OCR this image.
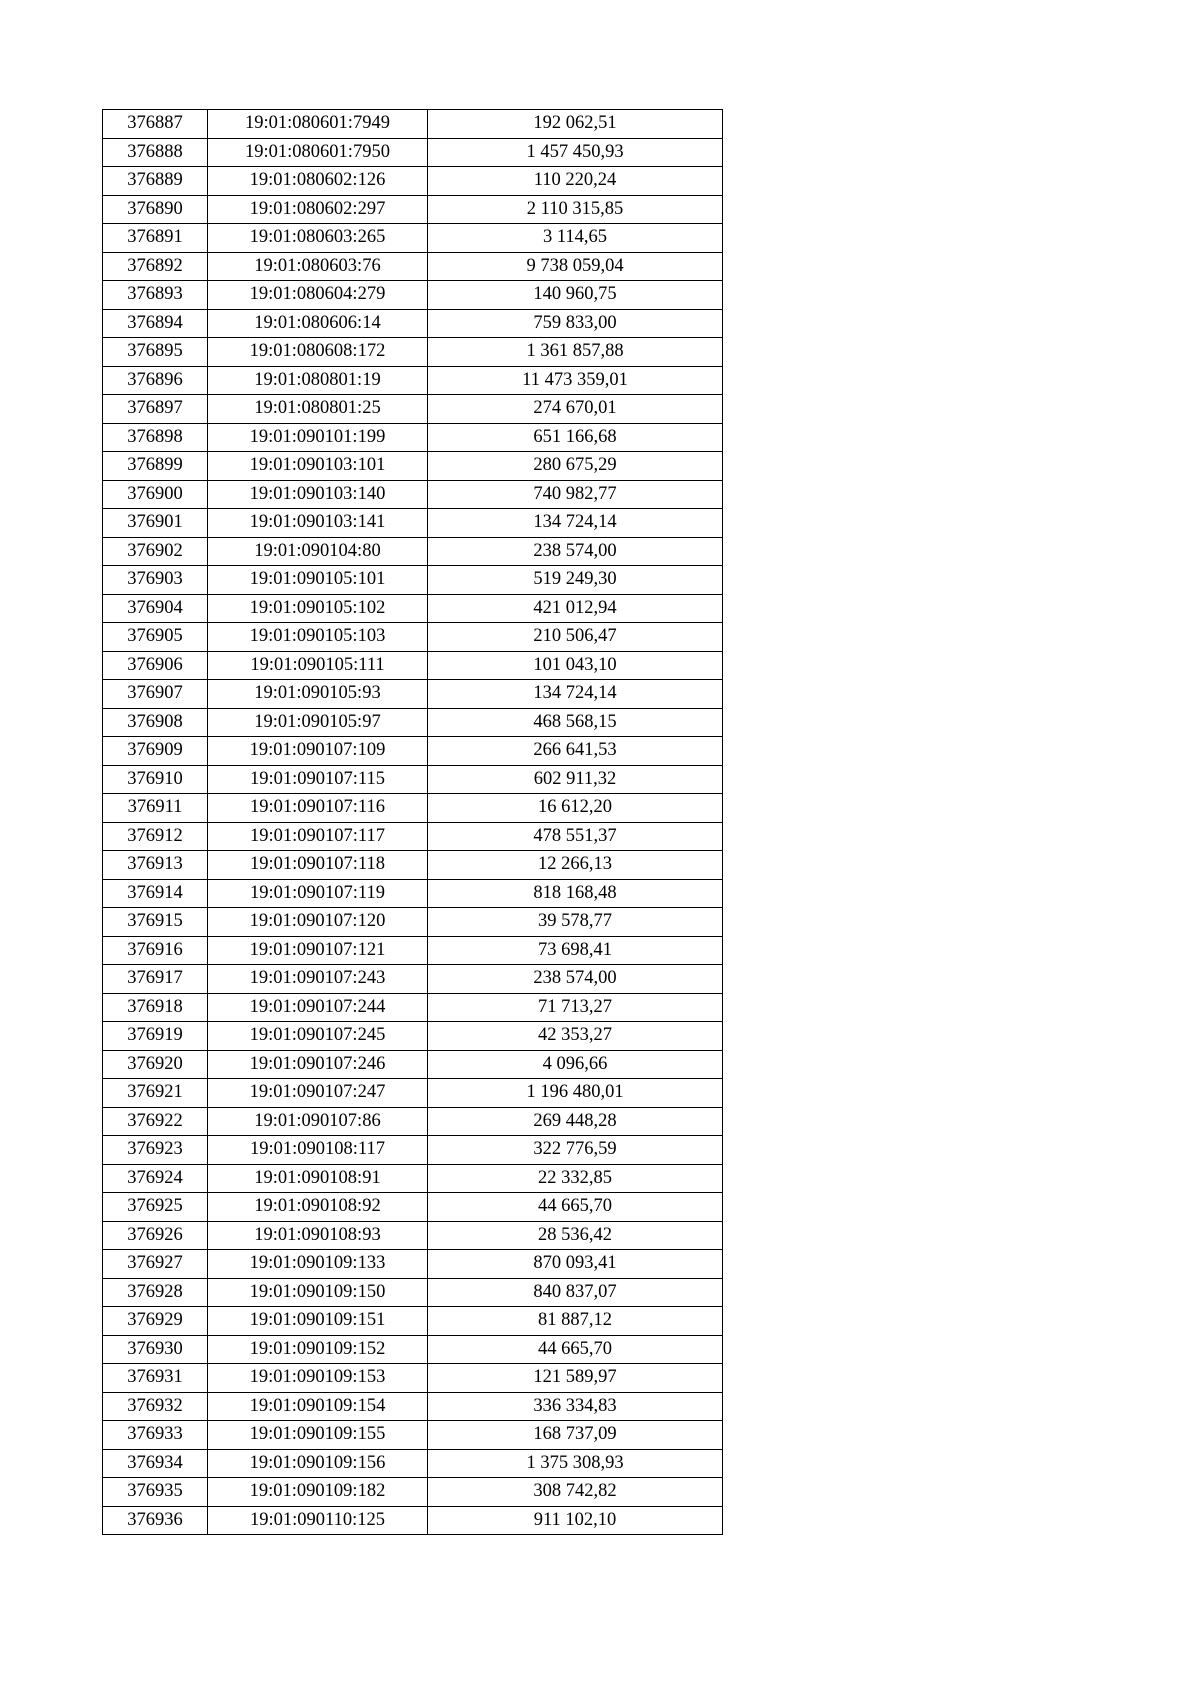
376887	19:01:080601:7949	192 062,51
376888	19:01:080601:7950	1 457 450,93
376889	19:01:080602:126	110 220,24
376890	19:01:080602:297	2 110 315,85
376891	19:01:080603:265	3 114,65
376892	19:01:080603:76	9 738 059,04
376893	19:01:080604:279	140 960,75
376894	19:01:080606:14	759 833,00
376895	19:01:080608:172	1 361 857,88
376896	19:01:080801:19	11 473 359,01
376897	19:01:080801:25	274 670,01
376898	19:01:090101:199	651 166,68
376899	19:01:090103:101	280 675,29
376900	19:01:090103:140	740 982,77
376901	19:01:090103:141	134 724,14
376902	19:01:090104:80	238 574,00
376903	19:01:090105:101	519 249,30
376904	19:01:090105:102	421 012,94
376905	19:01:090105:103	210 506,47
376906	19:01:090105:111	101 043,10
376907	19:01:090105:93	134 724,14
376908	19:01:090105:97	468 568,15
376909	19:01:090107:109	266 641,53
376910	19:01:090107:115	602 911,32
376911	19:01:090107:116	16 612,20
376912	19:01:090107:117	478 551,37
376913	19:01:090107:118	12 266,13
376914	19:01:090107:119	818 168,48
376915	19:01:090107:120	39 578,77
376916	19:01:090107:121	73 698,41
376917	19:01:090107:243	238 574,00
376918	19:01:090107:244	71 713,27
376919	19:01:090107:245	42 353,27
376920	19:01:090107:246	4 096,66
376921	19:01:090107:247	1 196 480,01
376922	19:01:090107:86	269 448,28
376923	19:01:090108:117	322 776,59
376924	19:01:090108:91	22 332,85
376925	19:01:090108:92	44 665,70
376926	19:01:090108:93	28 536,42
376927	19:01:090109:133	870 093,41
376928	19:01:090109:150	840 837,07
376929	19:01:090109:151	81 887,12
376930	19:01:090109:152	44 665,70
376931	19:01:090109:153	121 589,97
376932	19:01:090109:154	336 334,83
376933	19:01:090109:155	168 737,09
376934	19:01:090109:156	1 375 308,93
376935	19:01:090109:182	308 742,82
376936	19:01:090110:125	911 102,10
